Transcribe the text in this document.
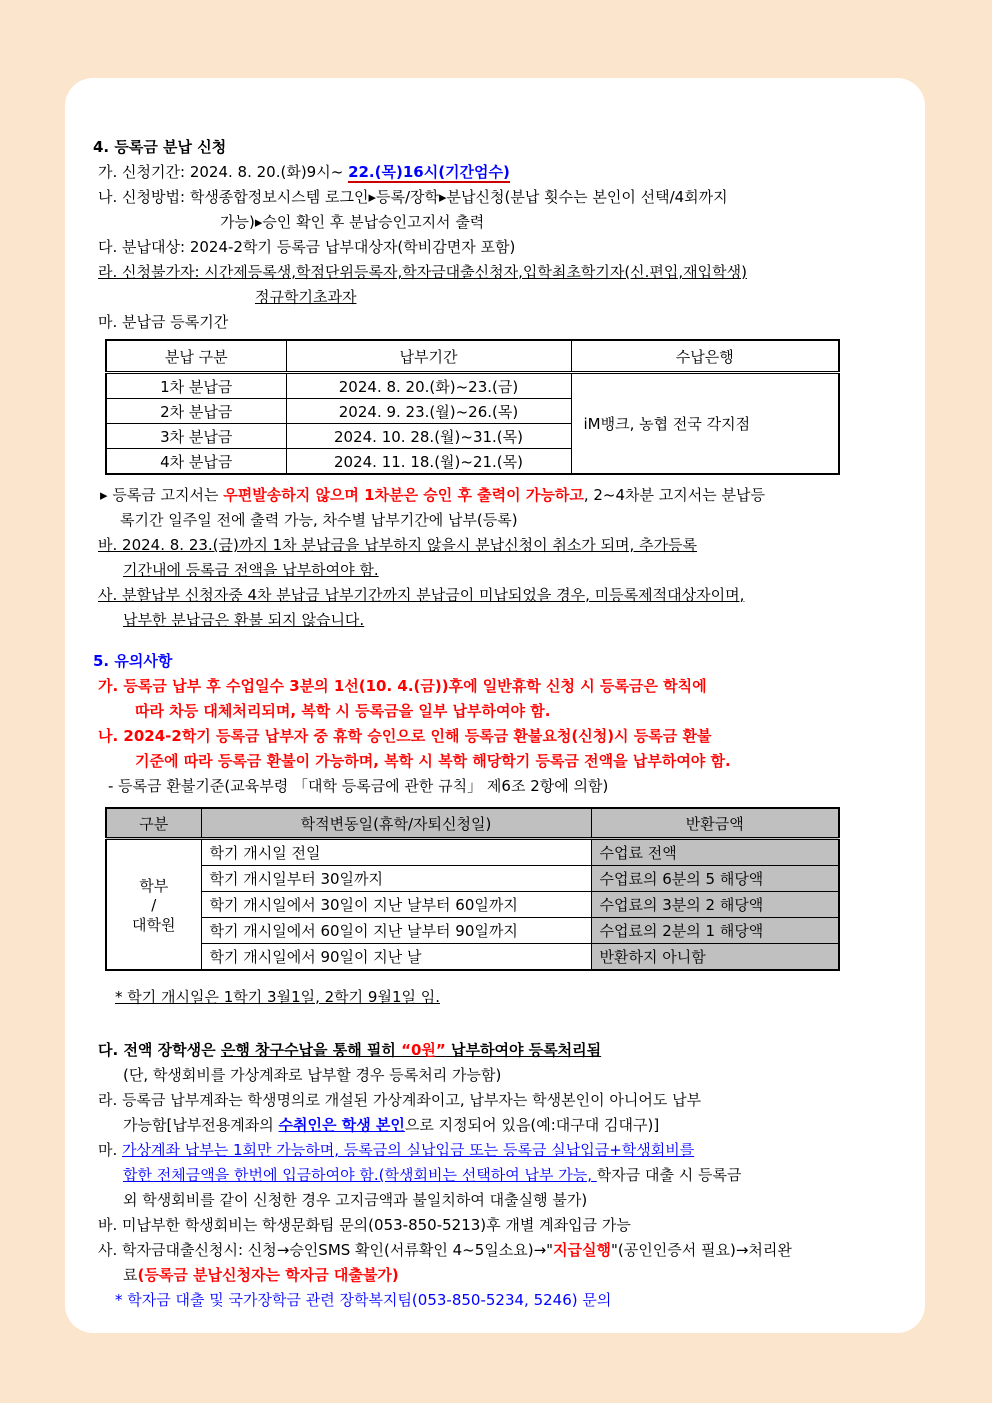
4. 등록금 분납 신청
가. 신청기간: 2024. 8. 20.(화)9시~ 22.(목)16시(기간엄수)
나. 신청방법: 학생종합정보시스템 로그인▸등록/장학▸분납신청(분납 횟수는 본인이 선택/4회까지
가능)▸승인 확인 후 분납승인고지서 출력
다. 분납대상: 2024-2학기 등록금 납부대상자(학비감면자 포함)
라. 신청불가자: 시간제등록생,학점단위등록자,학자금대출신청자,입학최초학기자(신.편입,재입학생)
정규학기초과자
마. 분납금 등록기간
분납 구분	납부기간	수납은행
1차 분납금	2024. 8. 20.(화)~23.(금)	iM뱅크, 농협 전국 각지점
2차 분납금	2024. 9. 23.(월)~26.(목)	
3차 분납금	2024. 10. 28.(월)~31.(목)	
4차 분납금	2024. 11. 18.(월)~21.(목)	
▸ 등록금 고지서는 우편발송하지 않으며 1차분은 승인 후 출력이 가능하고, 2~4차분 고지서는 분납등
록기간 일주일 전에 출력 가능, 차수별 납부기간에 납부(등록)
바. 2024. 8. 23.(금)까지 1차 분납금을 납부하지 않을시 분납신청이 취소가 되며, 추가등록
기간내에 등록금 전액을 납부하여야 함.
사. 분할납부 신청자중 4차 분납금 납부기간까지 분납금이 미납되었을 경우, 미등록제적대상자이며,
납부한 분납금은 환불 되지 않습니다.
5. 유의사항
가. 등록금 납부 후 수업일수 3분의 1선(10. 4.(금))후에 일반휴학 신청 시 등록금은 학칙에
따라 차등 대체처리되며, 복학 시 등록금을 일부 납부하여야 함.
나. 2024-2학기 등록금 납부자 중 휴학 승인으로 인해 등록금 환불요청(신청)시 등록금 환불
기준에 따라 등록금 환불이 가능하며, 복학 시 복학 해당학기 등록금 전액을 납부하여야 함.
- 등록금 환불기준(교육부령 「대학 등록금에 관한 규칙」 제6조 2항에 의함)
구분	학적변동일(휴학/자퇴신청일)	반환금액

학부
/
대학원	학기 개시일 전일	수업료 전액
	학기 개시일부터 30일까지	수업료의 6분의 5 해당액
	학기 개시일에서 30일이 지난 날부터 60일까지	수업료의 3분의 2 해당액
	학기 개시일에서 60일이 지난 날부터 90일까지	수업료의 2분의 1 해당액
	학기 개시일에서 90일이 지난 날	반환하지 아니함
* 학기 개시일은 1학기 3월1일, 2학기 9월1일 임.
다. 전액 장학생은 은행 창구수납을 통해 필히 “0원” 납부하여야 등록처리됨
(단, 학생회비를 가상계좌로 납부할 경우 등록처리 가능함)
라. 등록금 납부계좌는 학생명의로 개설된 가상계좌이고, 납부자는 학생본인이 아니어도 납부
가능함[납부전용계좌의 수취인은 학생 본인으로 지정되어 있음(예:대구대 김대구)]
마. 가상계좌 납부는 1회만 가능하며, 등록금의 실납입금 또는 등록금 실납입금+학생회비를
합한 전체금액을 한번에 입금하여야 함.(학생회비는 선택하여 납부 가능, 학자금 대출 시 등록금
외 학생회비를 같이 신청한 경우 고지금액과 불일치하여 대출실행 불가)
바. 미납부한 학생회비는 학생문화팀 문의(053-850-5213)후 개별 계좌입금 가능
사. 학자금대출신청시: 신청→승인SMS 확인(서류확인 4~5일소요)→"지급실행"(공인인증서 필요)→처리완
료(등록금 분납신청자는 학자금 대출불가)
* 학자금 대출 및 국가장학금 관련 장학복지팀(053-850-5234, 5246) 문의
